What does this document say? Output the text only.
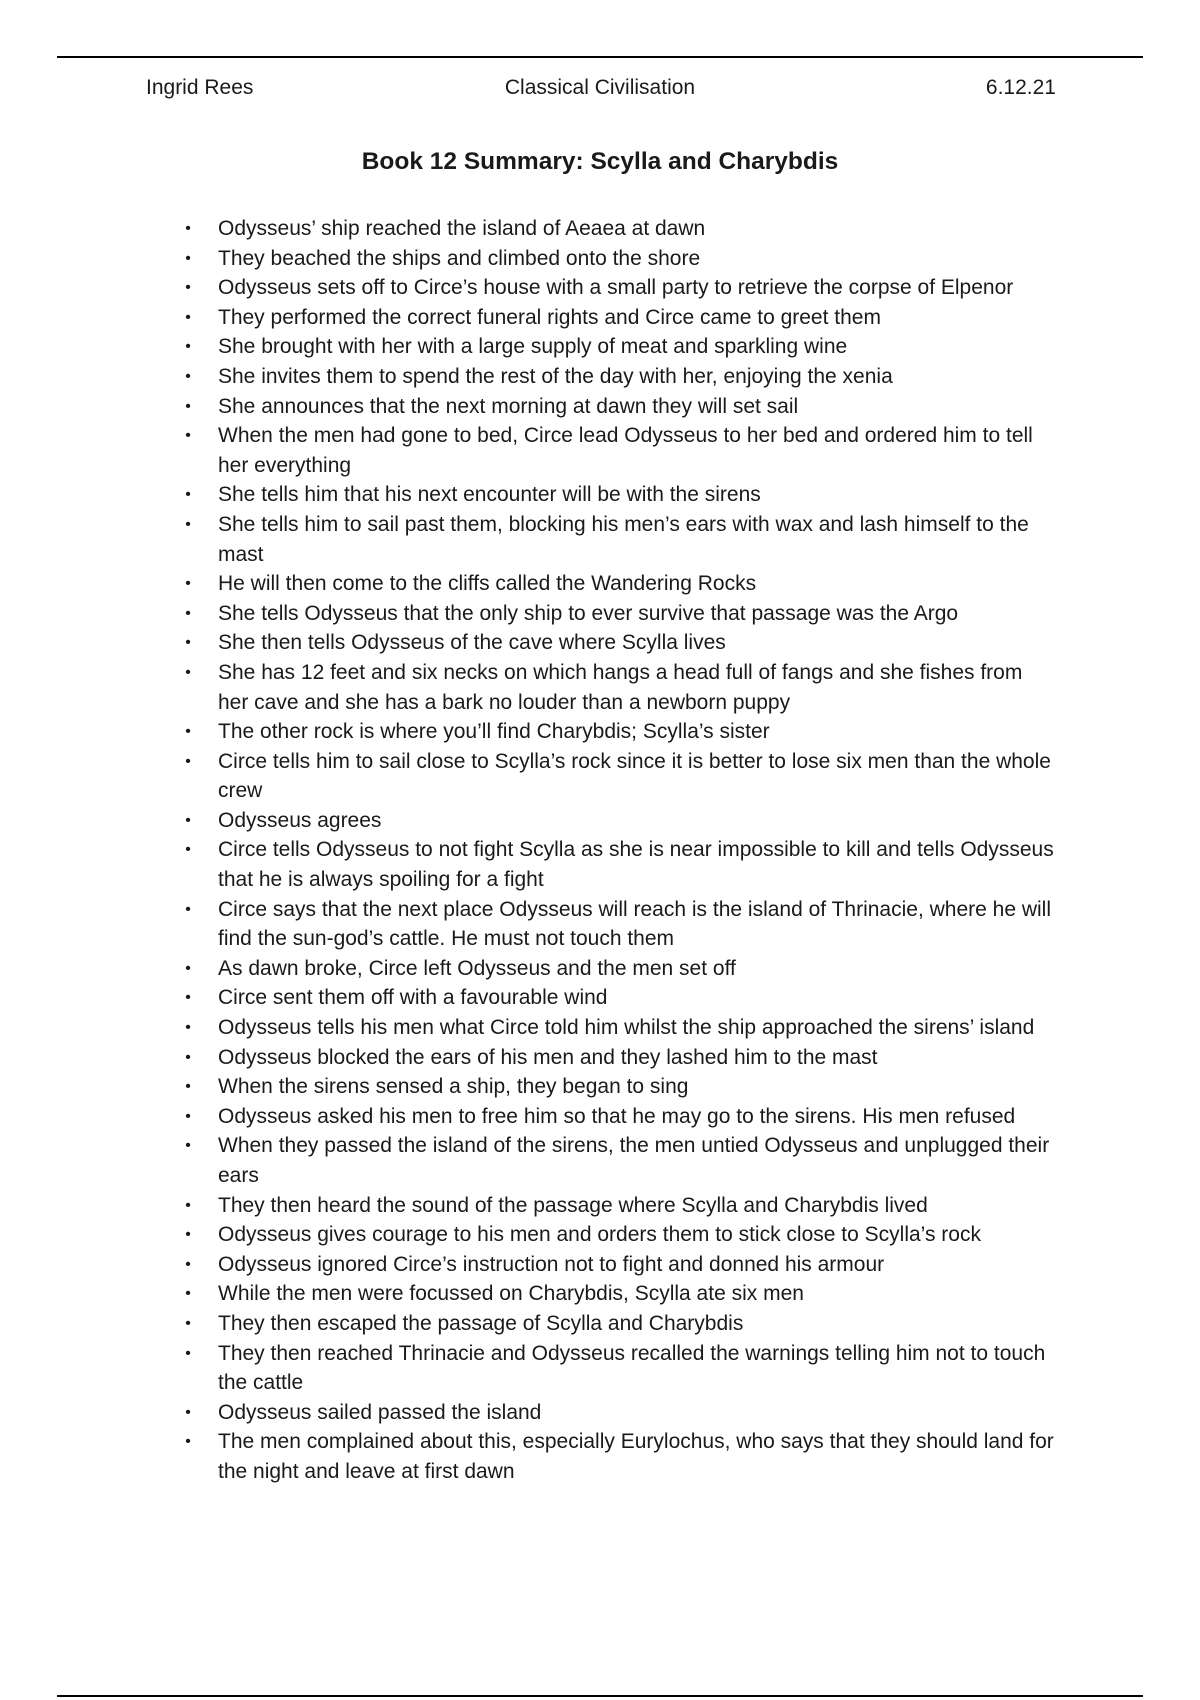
Ingrid Rees	Classical Civilisation	6.12.21
Book 12 Summary: Scylla and Charybdis
• Odysseus’ ship reached the island of Aeaea at dawn
• They beached the ships and climbed onto the shore
• Odysseus sets off to Circe’s house with a small party to retrieve the corpse of Elpenor
• They performed the correct funeral rights and Circe came to greet them
• She brought with her with a large supply of meat and sparkling wine
• She invites them to spend the rest of the day with her, enjoying the xenia
• She announces that the next morning at dawn they will set sail
• When the men had gone to bed, Circe lead Odysseus to her bed and ordered him to tell her everything
• She tells him that his next encounter will be with the sirens
• She tells him to sail past them, blocking his men’s ears with wax and lash himself to the mast
• He will then come to the cliffs called the Wandering Rocks
• She tells Odysseus that the only ship to ever survive that passage was the Argo
• She then tells Odysseus of the cave where Scylla lives
• She has 12 feet and six necks on which hangs a head full of fangs and she fishes from her cave and she has a bark no louder than a newborn puppy
• The other rock is where you’ll find Charybdis; Scylla’s sister
• Circe tells him to sail close to Scylla’s rock since it is better to lose six men than the whole crew
• Odysseus agrees
• Circe tells Odysseus to not fight Scylla as she is near impossible to kill and tells Odysseus that he is always spoiling for a fight
• Circe says that the next place Odysseus will reach is the island of Thrinacie, where he will find the sun-god’s cattle. He must not touch them
• As dawn broke, Circe left Odysseus and the men set off
• Circe sent them off with a favourable wind
• Odysseus tells his men what Circe told him whilst the ship approached the sirens’ island
• Odysseus blocked the ears of his men and they lashed him to the mast
• When the sirens sensed a ship, they began to sing
• Odysseus asked his men to free him so that he may go to the sirens. His men refused
• When they passed the island of the sirens, the men untied Odysseus and unplugged their ears
• They then heard the sound of the passage where Scylla and Charybdis lived
• Odysseus gives courage to his men and orders them to stick close to Scylla’s rock
• Odysseus ignored Circe’s instruction not to fight and donned his armour
• While the men were focussed on Charybdis, Scylla ate six men
• They then escaped the passage of Scylla and Charybdis
• They then reached Thrinacie and Odysseus recalled the warnings telling him not to touch the cattle
• Odysseus sailed passed the island
• The men complained about this, especially Eurylochus, who says that they should land for the night and leave at first dawn
